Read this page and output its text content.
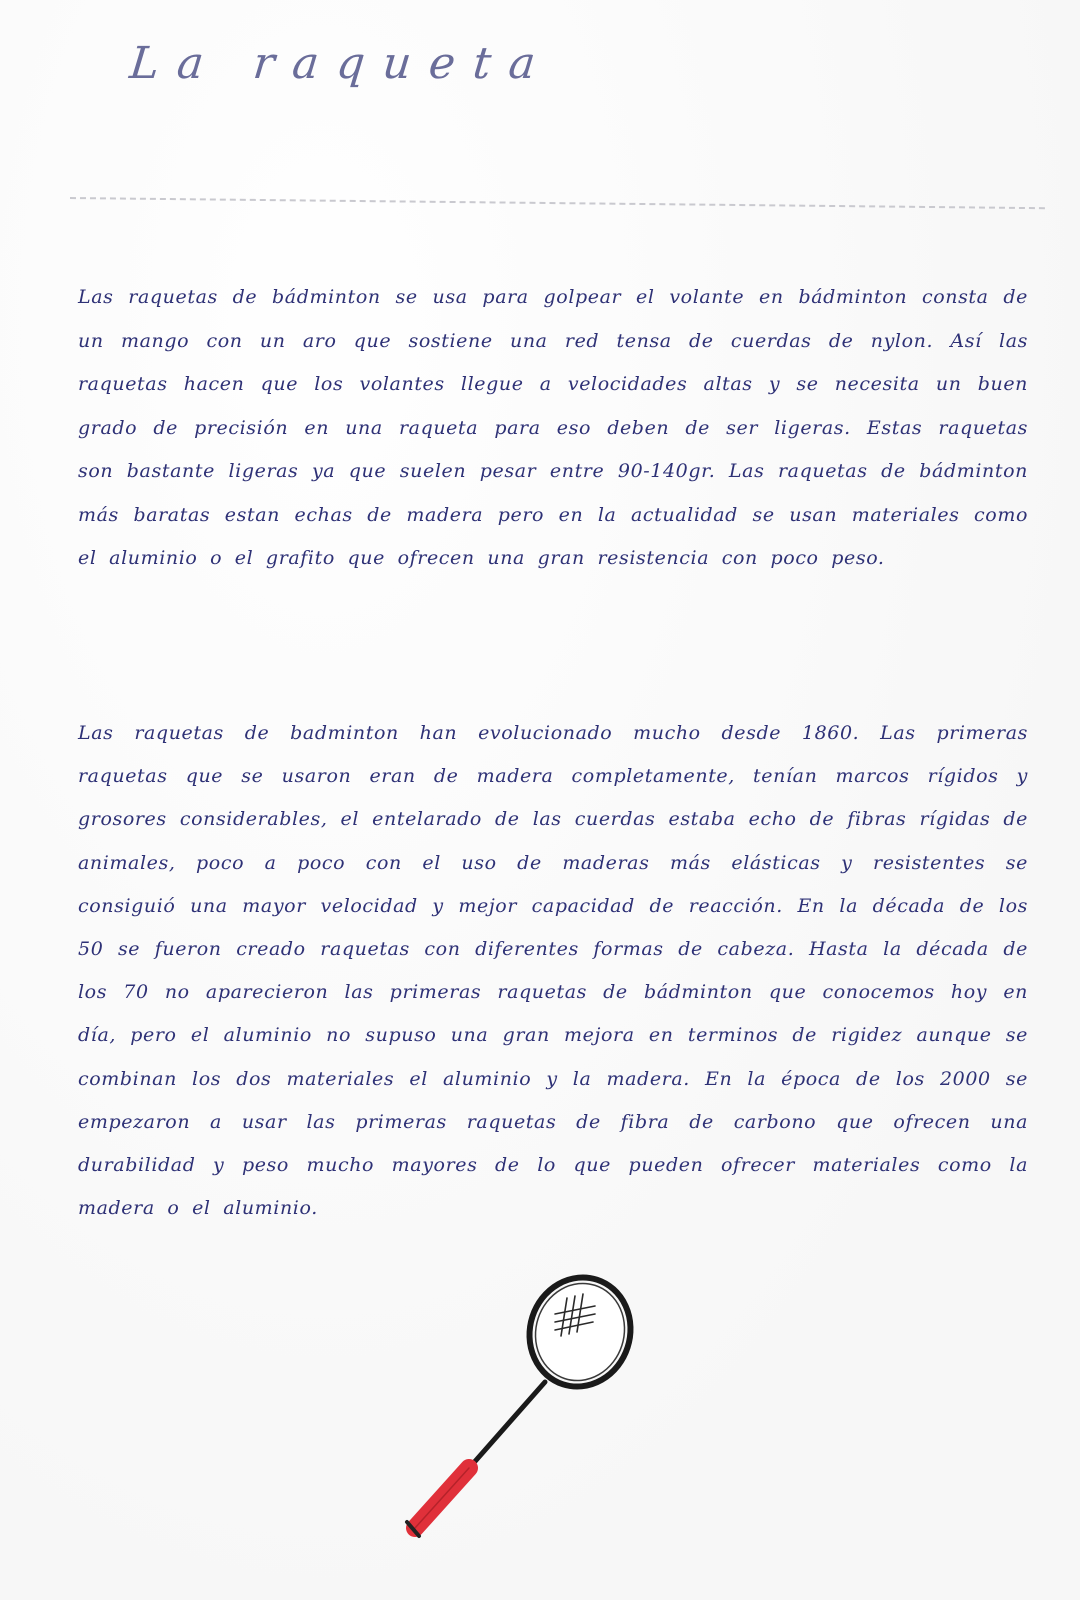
La raqueta

Las raquetas de bádminton se usa para golpear el volante en bádminton consta de un mango con un aro que sostiene una red tensa de cuerdas de nylon. Así las raquetas hacen que los volantes llegue a velocidades altas y se necesita un buen grado de precisión en una raqueta para eso deben de ser ligeras. Estas raquetas son bastante ligeras ya que suelen pesar entre 90-140gr. Las raquetas de bádminton más baratas estan echas de madera pero en la actualidad se usan materiales como el aluminio o el grafito que ofrecen una gran resistencia con poco peso.

Las raquetas de badminton han evolucionado mucho desde 1860. Las primeras raquetas que se usaron eran de madera completamente, tenían marcos rígidos y grosores considerables, el entelarado de las cuerdas estaba echo de fibras rígidas de animales, poco a poco con el uso de maderas más elásticas y resistentes se consiguió una mayor velocidad y mejor capacidad de reacción. En la década de los 50 se fueron creado raquetas con diferentes formas de cabeza. Hasta la década de los 70 no aparecieron las primeras raquetas de bádminton que conocemos hoy en día, pero el aluminio no supuso una gran mejora en terminos de rigidez aunque se combinan los dos materiales el aluminio y la madera. En la época de los 2000 se empezaron a usar las primeras raquetas de fibra de carbono que ofrecen una durabilidad y peso mucho mayores de lo que pueden ofrecer materiales como la madera o el aluminio.
